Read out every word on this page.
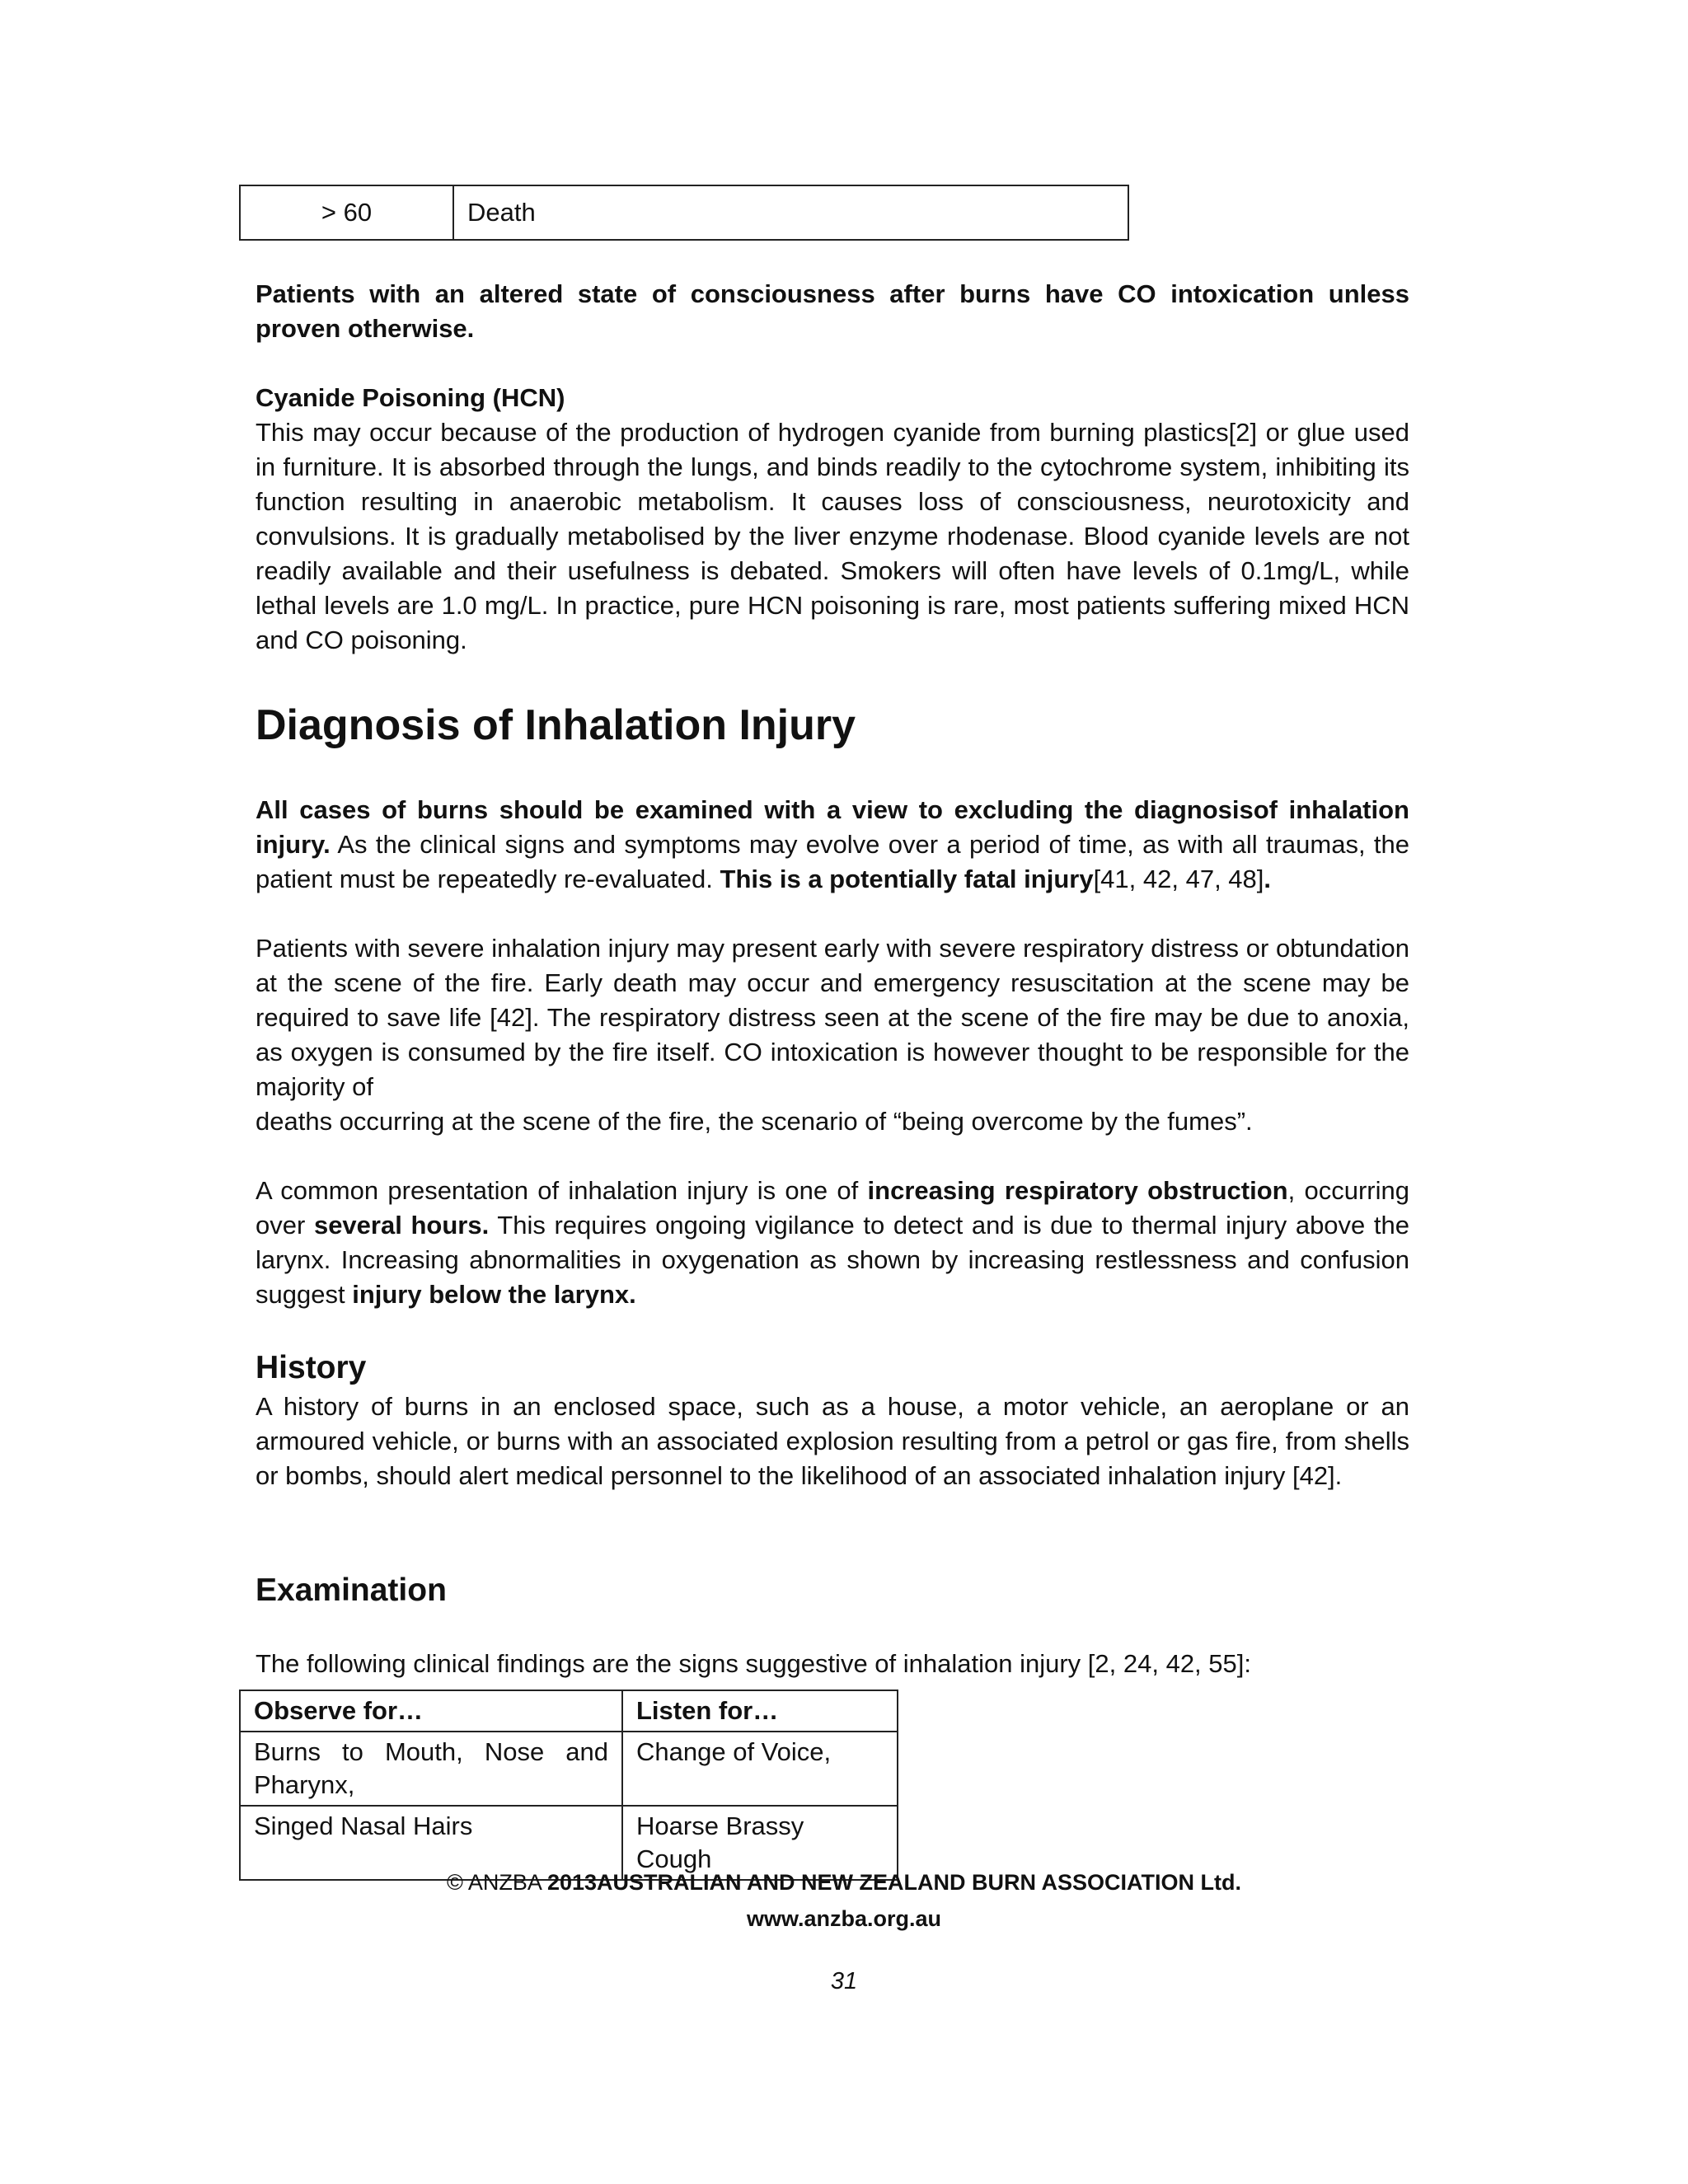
> 60	Death
Patients with an altered state of consciousness after burns have CO intoxication unless proven otherwise.
Cyanide Poisoning (HCN)
This may occur because of the production of hydrogen cyanide from burning plastics[2] or glue used in furniture. It is absorbed through the lungs, and binds readily to the cytochrome system, inhibiting its function resulting in anaerobic metabolism. It causes loss of consciousness, neurotoxicity and convulsions. It is gradually metabolised by the liver enzyme rhodenase. Blood cyanide levels are not readily available and their usefulness is debated. Smokers will often have levels of 0.1mg/L, while lethal levels are 1.0 mg/L. In practice, pure HCN poisoning is rare, most patients suffering mixed HCN and CO poisoning.
Diagnosis of Inhalation Injury
All cases of burns should be examined with a view to excluding the diagnosisof inhalation injury. As the clinical signs and symptoms may evolve over a period of time, as with all traumas, the patient must be repeatedly re-evaluated. This is a potentially fatal injury[41, 42, 47, 48].
Patients with severe inhalation injury may present early with severe respiratory distress or obtundation at the scene of the fire. Early death may occur and emergency resuscitation at the scene may be required to save life [42]. The respiratory distress seen at the scene of the fire may be due to anoxia, as oxygen is consumed by the fire itself. CO intoxication is however thought to be responsible for the majority of
deaths occurring at the scene of the fire, the scenario of “being overcome by the fumes”.
A common presentation of inhalation injury is one of increasing respiratory obstruction, occurring over several hours. This requires ongoing vigilance to detect and is due to thermal injury above the larynx. Increasing abnormalities in oxygenation as shown by increasing restlessness and confusion suggest injury below the larynx.
History
A history of burns in an enclosed space, such as a house, a motor vehicle, an aeroplane or an armoured vehicle, or burns with an associated explosion resulting from a petrol or gas fire, from shells or bombs, should alert medical personnel to the likelihood of an associated inhalation injury [42].
Examination
The following clinical findings are the signs suggestive of inhalation injury [2, 24, 42, 55]:
Observe for…	Listen for…
Burns to Mouth, Nose and Pharynx,	Change of Voice,
Singed Nasal Hairs	Hoarse Brassy Cough
© ANZBA 2013AUSTRALIAN AND NEW ZEALAND BURN ASSOCIATION Ltd.
www.anzba.org.au
31
